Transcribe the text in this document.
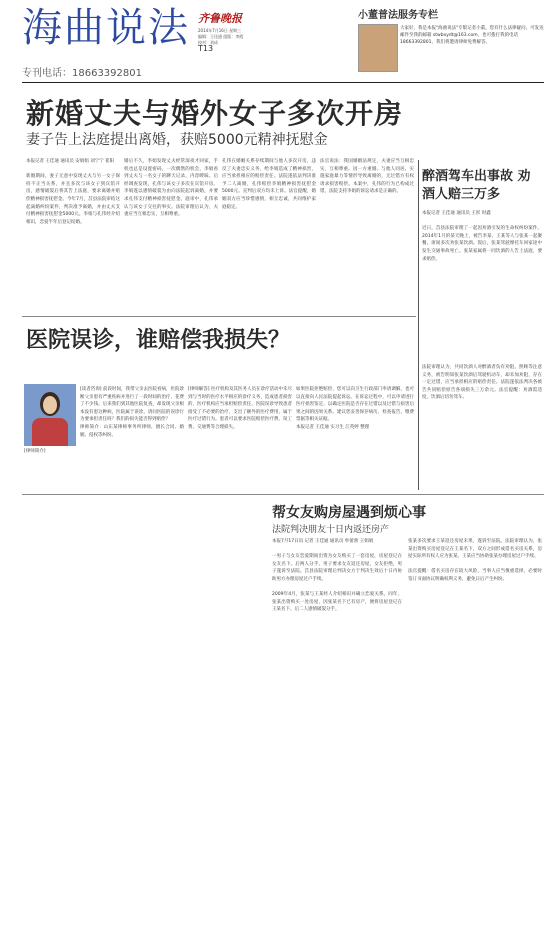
海曲说法 齐鲁晚报
2014年7月16日 星期三
编辑：王佳通 组版：李霞
校对：刘成
T13
专刊电话：18663392801
小董普法服务专栏
大家好，我是本报"海曲说法"专版记者小董。您有什么法律疑问，可发送邮件至我的邮箱 stwbxydt@163.com，也可拨打我的电话18663392801，我们将邀请律师免费解答。
新婚丈夫与婚外女子多次开房
妻子告上法庭提出离婚，获赔5000元精神抚慰金
本报记者 王佳通 通讯员 安娟娟 刘宁宁 崔阳

新婚期间，妻子无意中发现丈夫与另一女子保持不正当关系，并且多次与该女子到宾馆开房，感情破裂后将其告上法庭，要求离婚并赔偿精神损害抚慰金。今年7月，莒县法院审结这起离婚纠纷案件，判决准予离婚，并由丈夫支付精神损害抚慰金5000元。李娟与孔伟经介绍相识，恋爱半年后登记结婚。
婚后不久，李娟发现丈夫经常深夜才回家，手机也总是设置密码。一次偶然的机会，李娟看到丈夫与一名女子的聊天记录，内容暧昧。后经调查发现，孔伟与该女子多次在宾馆开房。李娟遂以感情破裂为由向法院起诉离婚，并要求孔伟支付精神损害抚慰金。庭审中，孔伟承认与该女子交往的事实。法院审理后认为，夫妻应当互相忠实，互相尊重。
孔伟在婚姻关系存续期间与他人多次开房，违反了夫妻忠实义务，给李娟造成了精神损害，应当承担相应的赔偿责任。法院遂依法判决准予二人离婚，孔伟赔偿李娟精神损害抚慰金5000元。宣判后双方均未上诉。法官提醒，婚姻双方应当珍惜感情，相互忠诚，共同维护家庭稳定。
法官说法：我国婚姻法规定，夫妻应当互相忠实，互相尊重。因一方重婚、与他人同居、实施家庭暴力等情形导致离婚的，无过错方有权请求损害赔偿。本案中，孔伟的行为已构成过错，法院支持李娟的诉讼请求是正确的。
醉酒驾车出事故 劝酒人赔三万多
本报记者 王佳通 通讯员 王彤 时鑫

近日，莒县法院审理了一起因劝酒引发的生命权纠纷案件。2014年1月的某天晚上，被告李某、王某等人与张某一起聚餐，席间多次劝张某饮酒。饭后，张某驾驶摩托车回家途中发生交通事故死亡。张某家属将一同饮酒的人告上法庭，要求赔偿。
法院审理认为，共同饮酒人对醉酒者负有劝阻、照顾等注意义务，被告明知张某饮酒后驾驶机动车，却未加劝阻，存在一定过错，应当承担相应的赔偿责任。法院遂依法判决各被告共同赔偿原告各项损失三万余元。法官提醒：劝酒需适度，饮酒后切勿驾车。
医院误诊，谁赔偿我损失？
[律师简介]
[读者咨询] 前段时间，我带父亲去医院看病，医院诊断父亲患有严重疾病并进行了一段时间的治疗，花费了不少钱。后来我们到其他医院复查，却发现父亲根本没有患这种病，医院属于误诊。请问医院的误诊行为要承担责任吗？我们的损失能否得到赔偿？
律师简介：山东某律师事务所律师，擅长合同、婚姻、侵权等纠纷。
[律师解答] 医疗机构及其医务人员在诊疗活动中未尽到与当时的医疗水平相应的诊疗义务，造成患者损害的，医疗机构应当承担赔偿责任。医院误诊导致患者接受了不必要的治疗，支出了额外的医疗费用，属于医疗过错行为。患者可以要求医院赔偿医疗费、误工费、交通费等合理损失。
如果医院拒绝赔偿，您可以向卫生行政部门申请调解，也可以直接向人民法院提起诉讼。在诉讼过程中，可以申请进行医疗损害鉴定，以确定医院是否存在过错以及过错与损害后果之间的因果关系。建议您妥善保存病历、检查报告、缴费票据等相关证据。
本报记者 王佳通 实习生 江英婷 整理
帮女友购房屋遇到烦心事
法院判决朋友十日内返还房产
本报7月17日讯 记者 王佳通 通讯员 牟蕾蕾 王娟娟

一男子与女友恋爱期间出资为女友购买了一套房屋，房屋登记在女友名下。后两人分手，男子要求女友返还房屋，女友拒绝，男子遂诉至法院。莒县法院审理后判决女方于判决生效后十日内协助男方办理房屋过户手续。

2009年4月，张某与王某经人介绍相识并确立恋爱关系。同年，张某出资购买一处房屋，因张某名下已有房产，便将房屋登记在王某名下。后二人感情破裂分手。
张某多次要求王某返还房屋未果，遂诉至法院。法院审理认为，张某出资购买房屋登记在王某名下，双方之间形成借名买房关系，房屋实际所有权人应为张某。王某应当协助张某办理房屋过户手续。

法官提醒：借名买房存在较大风险，当事人应当慎重选择，必要时签订书面协议明确权利义务，避免日后产生纠纷。
